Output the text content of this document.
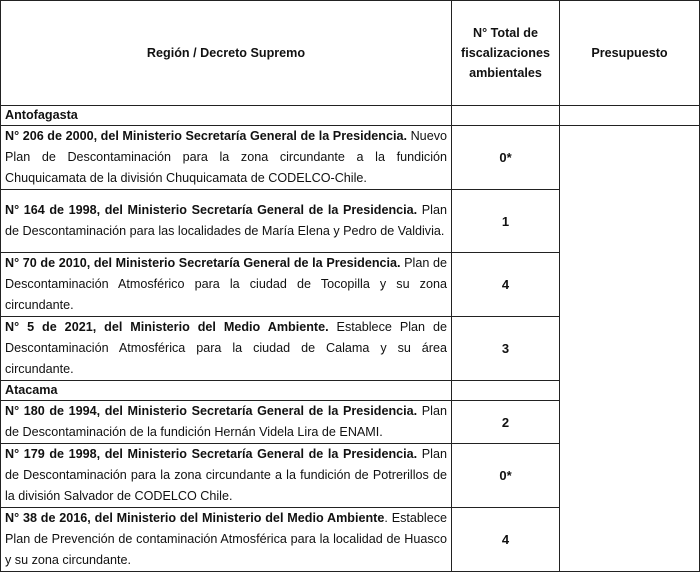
Región / Decreto Supremo	N° Total de fiscalizaciones ambientales	Presupuesto
Antofagasta		
N° 206 de 2000, del Ministerio Secretaría General de la Presidencia. Nuevo Plan de Descontaminación para la zona circundante a la fundición Chuquicamata de la división Chuquicamata de CODELCO-Chile.	0*	
N° 164 de 1998, del Ministerio Secretaría General de la Presidencia. Plan de Descontaminación para las localidades de María Elena y Pedro de Valdivia.	1	
N° 70 de 2010, del Ministerio Secretaría General de la Presidencia. Plan de Descontaminación Atmosférico para la ciudad de Tocopilla y su zona circundante.	4	
N° 5 de 2021, del Ministerio del Medio Ambiente. Establece Plan de Descontaminación Atmosférica para la ciudad de Calama y su área circundante.	3	
Atacama		
N° 180 de 1994, del Ministerio Secretaría General de la Presidencia. Plan de Descontaminación de la fundición Hernán Videla Lira de ENAMI.	2	
N° 179 de 1998, del Ministerio Secretaría General de la Presidencia. Plan de Descontaminación para la zona circundante a la fundición de Potrerillos de la división Salvador de CODELCO Chile.	0*	
N° 38 de 2016, del Ministerio del Ministerio del Medio Ambiente. Establece Plan de Prevención de contaminación Atmosférica para la localidad de Huasco y su zona circundante.	4	
